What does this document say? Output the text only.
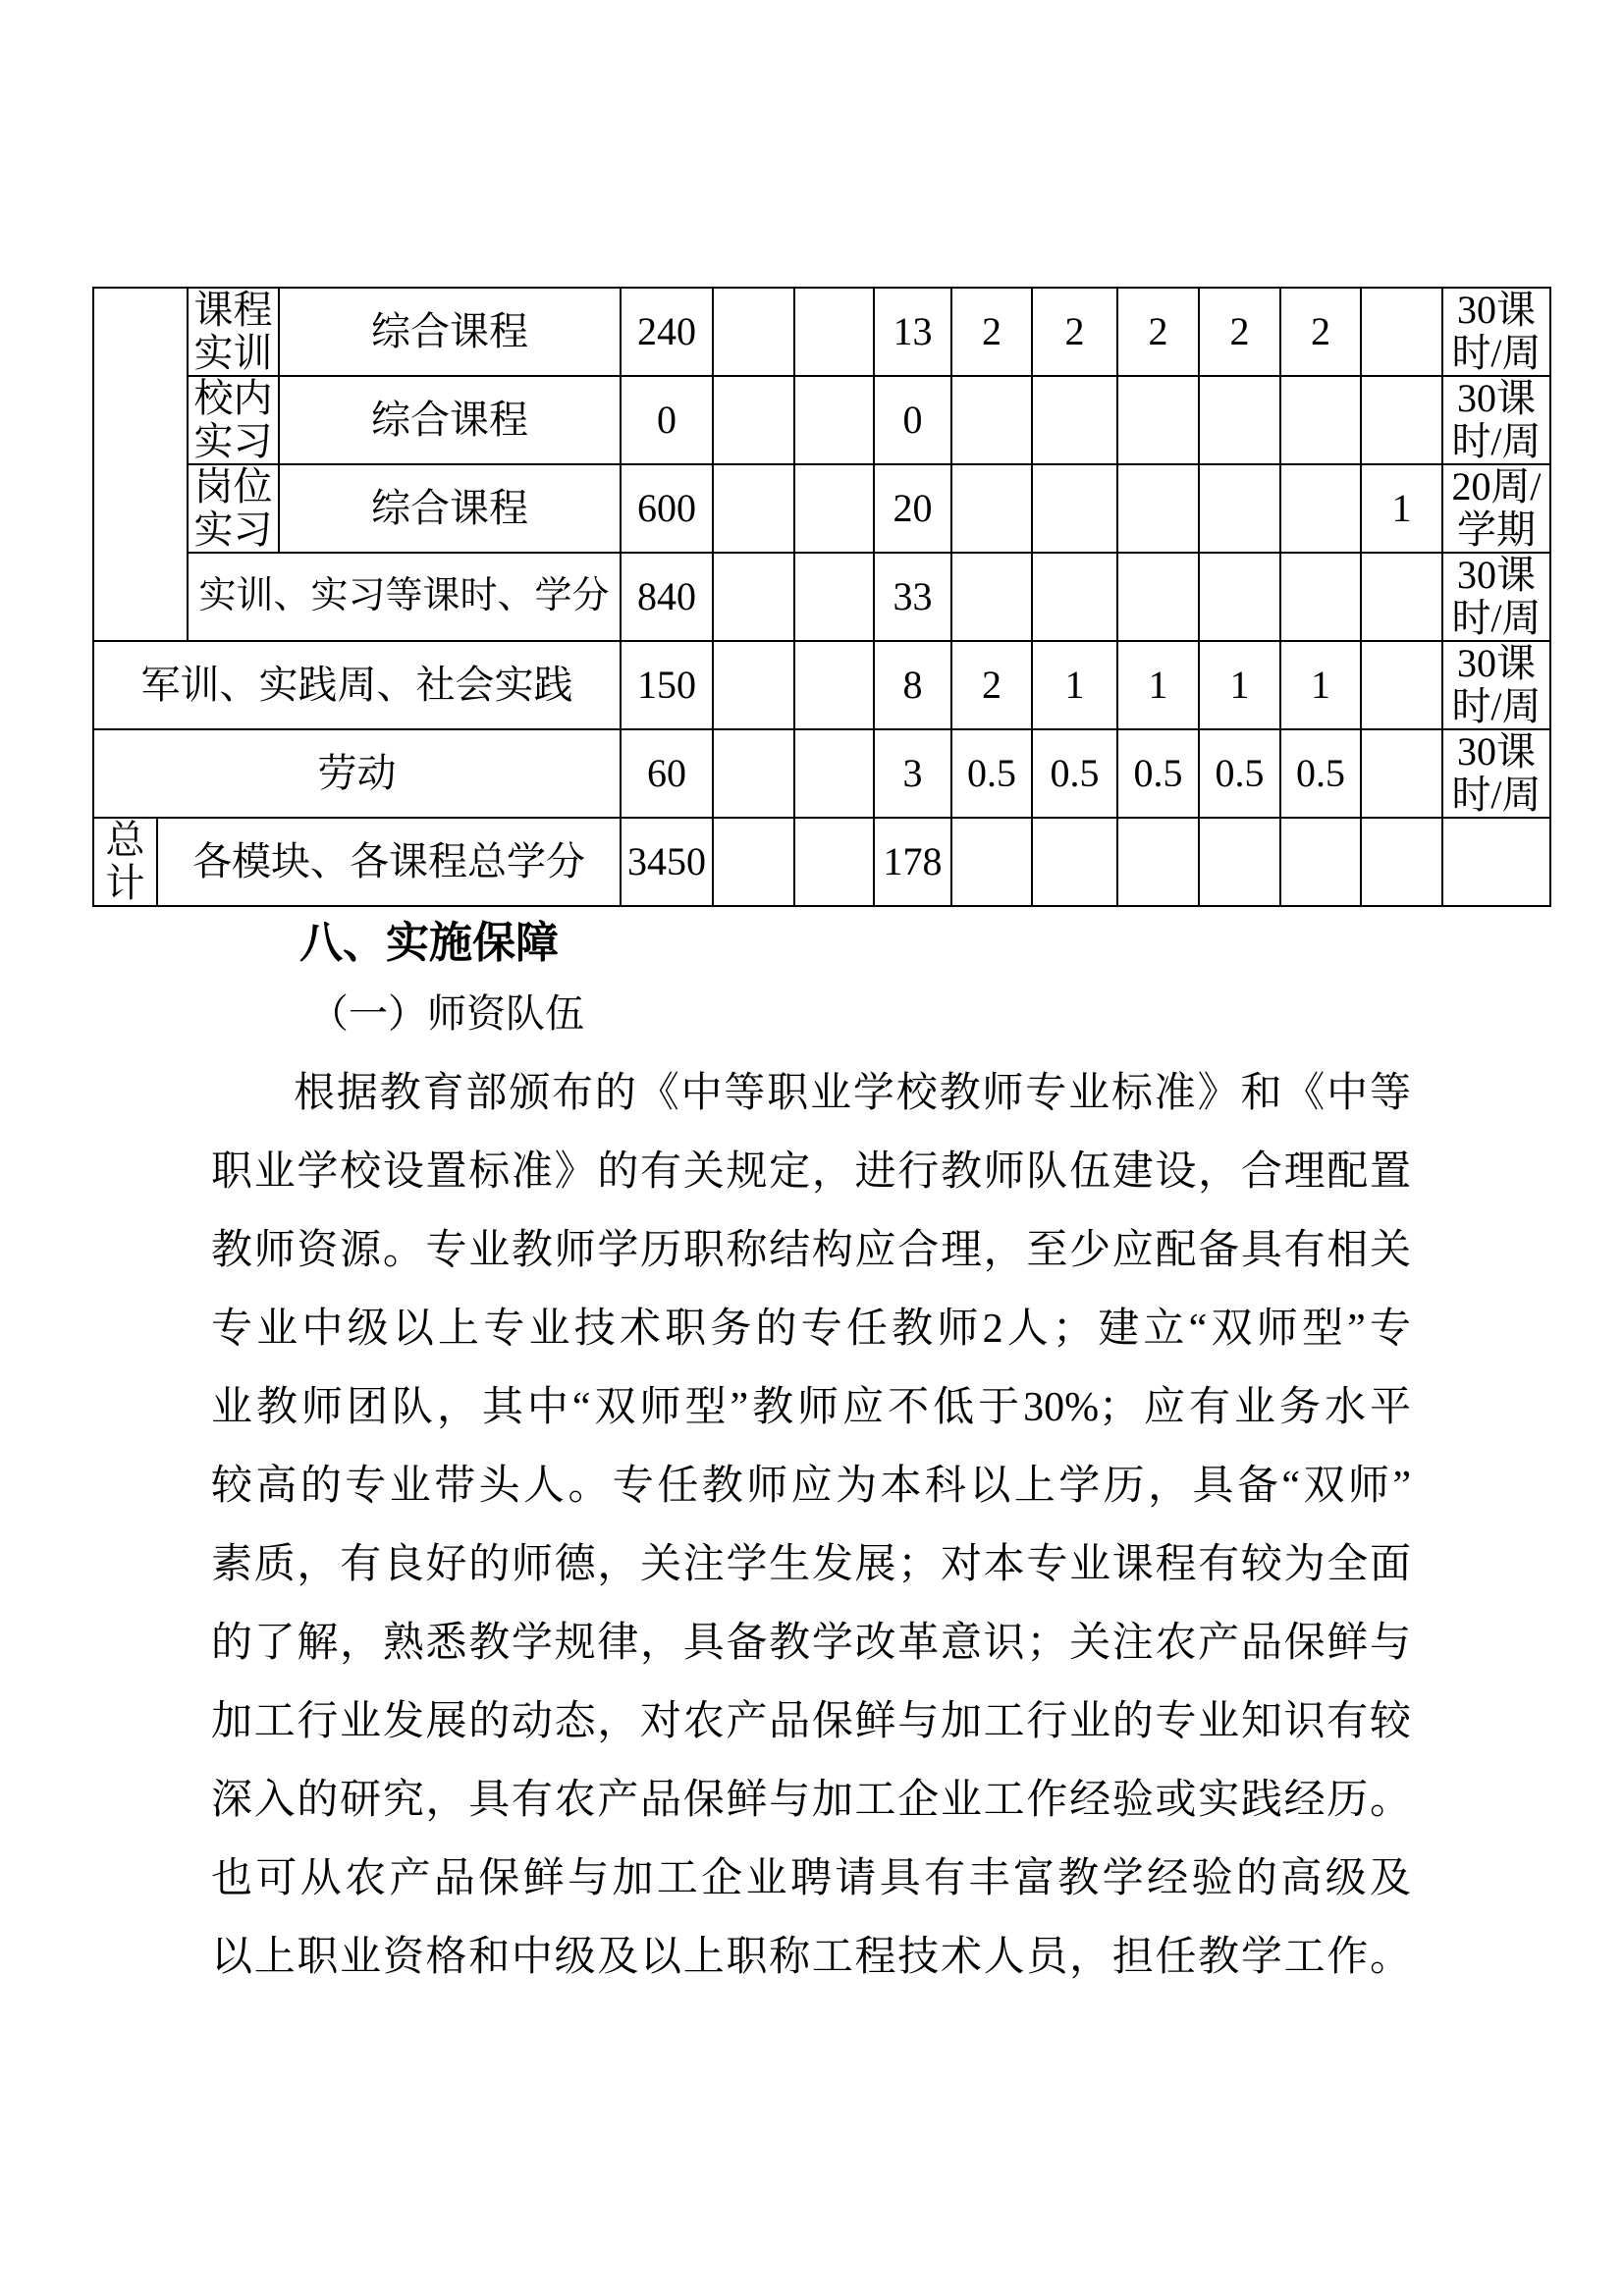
		课程实训	综合课程	240			13	2	2	2	2	2		30课时/周
		校内实习	综合课程	0			0							30课时/周
		岗位实习	综合课程	600			20						1	20周/学期
		实训、实习等课时、学分		840			33							30课时/周
军训、实践周、社会实践				150			8	2	1	1	1	1		30课时/周
劳动				60			3	0.5	0.5	0.5	0.5	0.5		30课时/周
总计	各模块、各课程总学分			3450			178							
八、实施保障
（一）师资队伍
根据教育部颁布的《中等职业学校教师专业标准》和《中等
职业学校设置标准》的有关规定，进行教师队伍建设，合理配置
教师资源。专业教师学历职称结构应合理，至少应配备具有相关
专业中级以上专业技术职务的专任教师2人；建立“双师型”专
业教师团队，其中“双师型”教师应不低于30%；应有业务水平
较高的专业带头人。专任教师应为本科以上学历，具备“双师”
素质，有良好的师德，关注学生发展；对本专业课程有较为全面
的了解，熟悉教学规律，具备教学改革意识；关注农产品保鲜与
加工行业发展的动态，对农产品保鲜与加工行业的专业知识有较
深入的研究，具有农产品保鲜与加工企业工作经验或实践经历。
也可从农产品保鲜与加工企业聘请具有丰富教学经验的高级及
以上职业资格和中级及以上职称工程技术人员，担任教学工作。
